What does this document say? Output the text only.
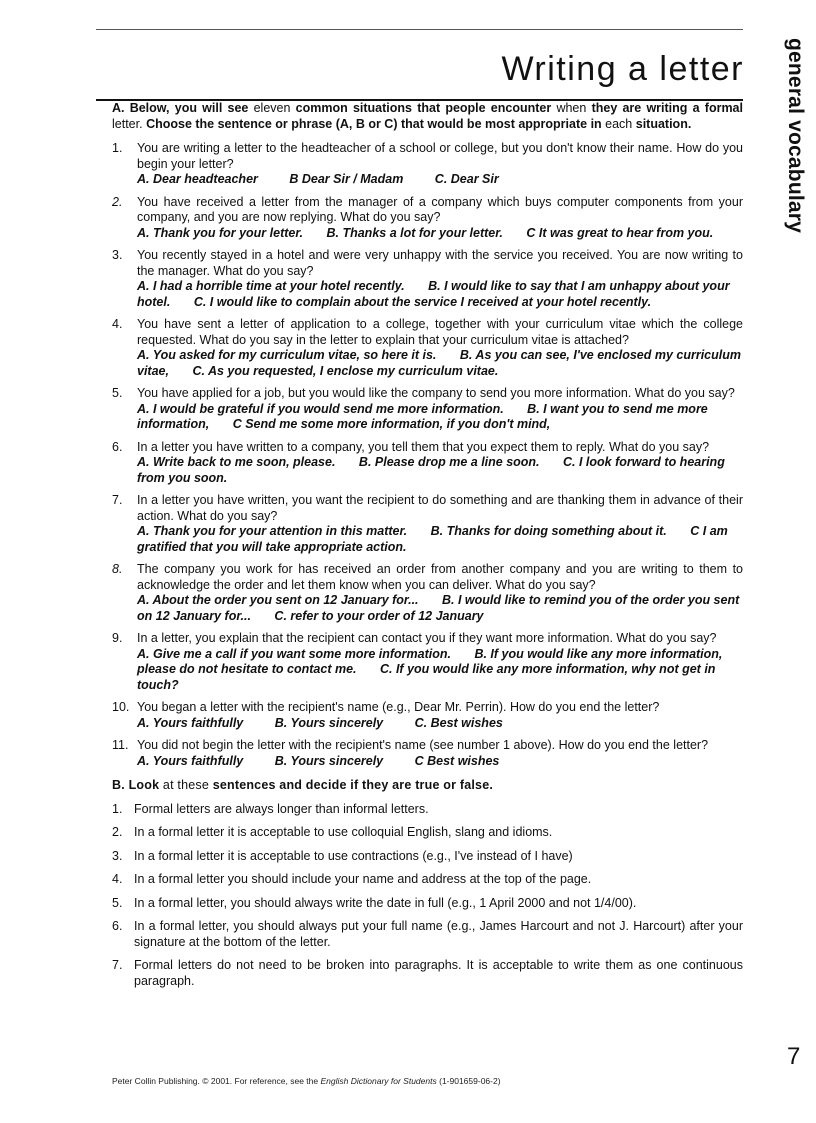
Writing a letter general vocabulary
7
A. Below, you will see eleven common situations that people encounter when they are writing a formal letter. Choose the sentence or phrase (A, B or C) that would be most appropriate in each situation.
1. You are writing a letter to the headteacher of a school or college, but you don't know their name. How do you begin your letter?
A. Dear headteacher	B Dear Sir / Madam	C. Dear Sir
2. You have received a letter from the manager of a company which buys computer components from your company, and you are now replying. What do you say?
A. Thank you for your letter. B. Thanks a lot for your letter. C It was great to hear from you.
3. You recently stayed in a hotel and were very unhappy with the service you received. You are now writing to the manager. What do you say?
A. I had a horrible time at your hotel recently. B. I would like to say that I am unhappy about your hotel. C. I would like to complain about the service I received at your hotel recently.
4. You have sent a letter of application to a college, together with your curriculum vitae which the college requested. What do you say in the letter to explain that your curriculum vitae is attached?
A. You asked for my curriculum vitae, so here it is. B. As you can see, I've enclosed my curriculum vitae, C. As you requested, I enclose my curriculum vitae.
5. You have applied for a job, but you would like the company to send you more information. What do you say?
A. I would be grateful if you would send me more information. B. I want you to send me more information, C Send me some more information, if you don't mind,
6. In a letter you have written to a company, you tell them that you expect them to reply. What do you say?
A. Write back to me soon, please. B. Please drop me a line soon. C. I look forward to hearing from you soon.
7. In a letter you have written, you want the recipient to do something and are thanking them in advance of their action. What do you say?
A. Thank you for your attention in this matter. B. Thanks for doing something about it. C I am gratified that you will take appropriate action.
8. The company you work for has received an order from another company and you are writing to them to acknowledge the order and let them know when you can deliver. What do you say?
A. About the order you sent on 12 January for... B. I would like to remind you of the order you sent on 12 January for... C. refer to your order of 12 January
9. In a letter, you explain that the recipient can contact you if they want more information. What do you say?
A. Give me a call if you want some more information. B. If you would like any more information, please do not hesitate to contact me. C. If you would like any more information, why not get in touch?
10. You began a letter with the recipient's name (e.g., Dear Mr. Perrin). How do you end the letter?
A. Yours faithfully	B. Yours sincerely	C. Best wishes
11. You did not begin the letter with the recipient's name (see number 1 above). How do you end the letter?
A. Yours faithfully	B. Yours sincerely	C Best wishes
B. Look at these sentences and decide if they are true or false.
1. Formal letters are always longer than informal letters.
2. In a formal letter it is acceptable to use colloquial English, slang and idioms.
3. In a formal letter it is acceptable to use contractions (e.g., I've instead of I have)
4. In a formal letter you should include your name and address at the top of the page.
5. In a formal letter, you should always write the date in full (e.g., 1 April 2000 and not 1/4/00).
6. In a formal letter, you should always put your full name (e.g., James Harcourt and not J. Harcourt) after your signature at the bottom of the letter.
7. Formal letters do not need to be broken into paragraphs. It is acceptable to write them as one continuous paragraph.
Peter Collin Publishing. © 2001. For reference, see the English Dictionary for Students (1-901659-06-2)
